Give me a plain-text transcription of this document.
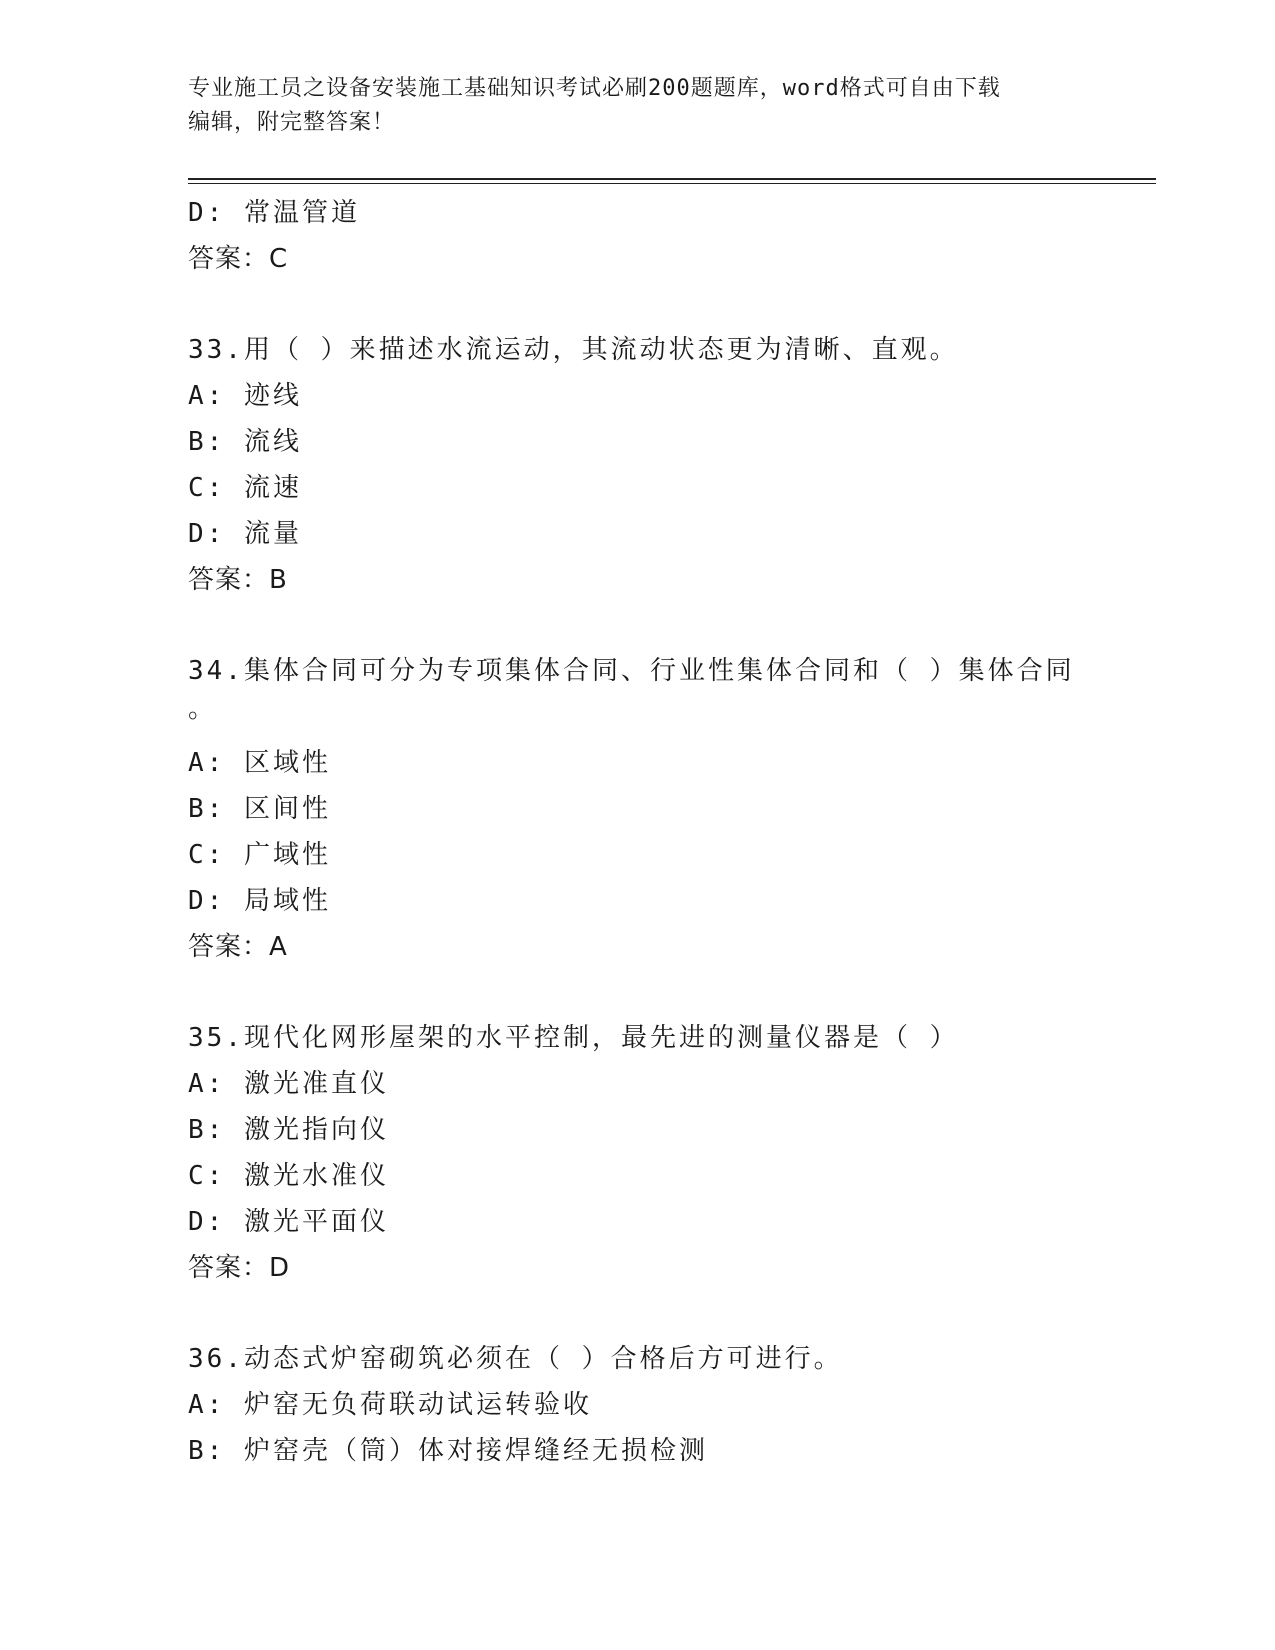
专业施工员之设备安装施工基础知识考试必刷200题题库，word格式可自由下载
编辑，附完整答案！
D: 常温管道
答案：C
33.用（ ）来描述水流运动，其流动状态更为清晰、直观。
A: 迹线
B: 流线
C: 流速
D: 流量
答案：B
34.集体合同可分为专项集体合同、行业性集体合同和（ ）集体合同
。
A: 区域性
B: 区间性
C: 广域性
D: 局域性
答案：A
35.现代化网形屋架的水平控制，最先进的测量仪器是（ ）
A: 激光准直仪
B: 激光指向仪
C: 激光水准仪
D: 激光平面仪
答案：D
36.动态式炉窑砌筑必须在（ ）合格后方可进行。
A: 炉窑无负荷联动试运转验收
B: 炉窑壳（筒）体对接焊缝经无损检测
